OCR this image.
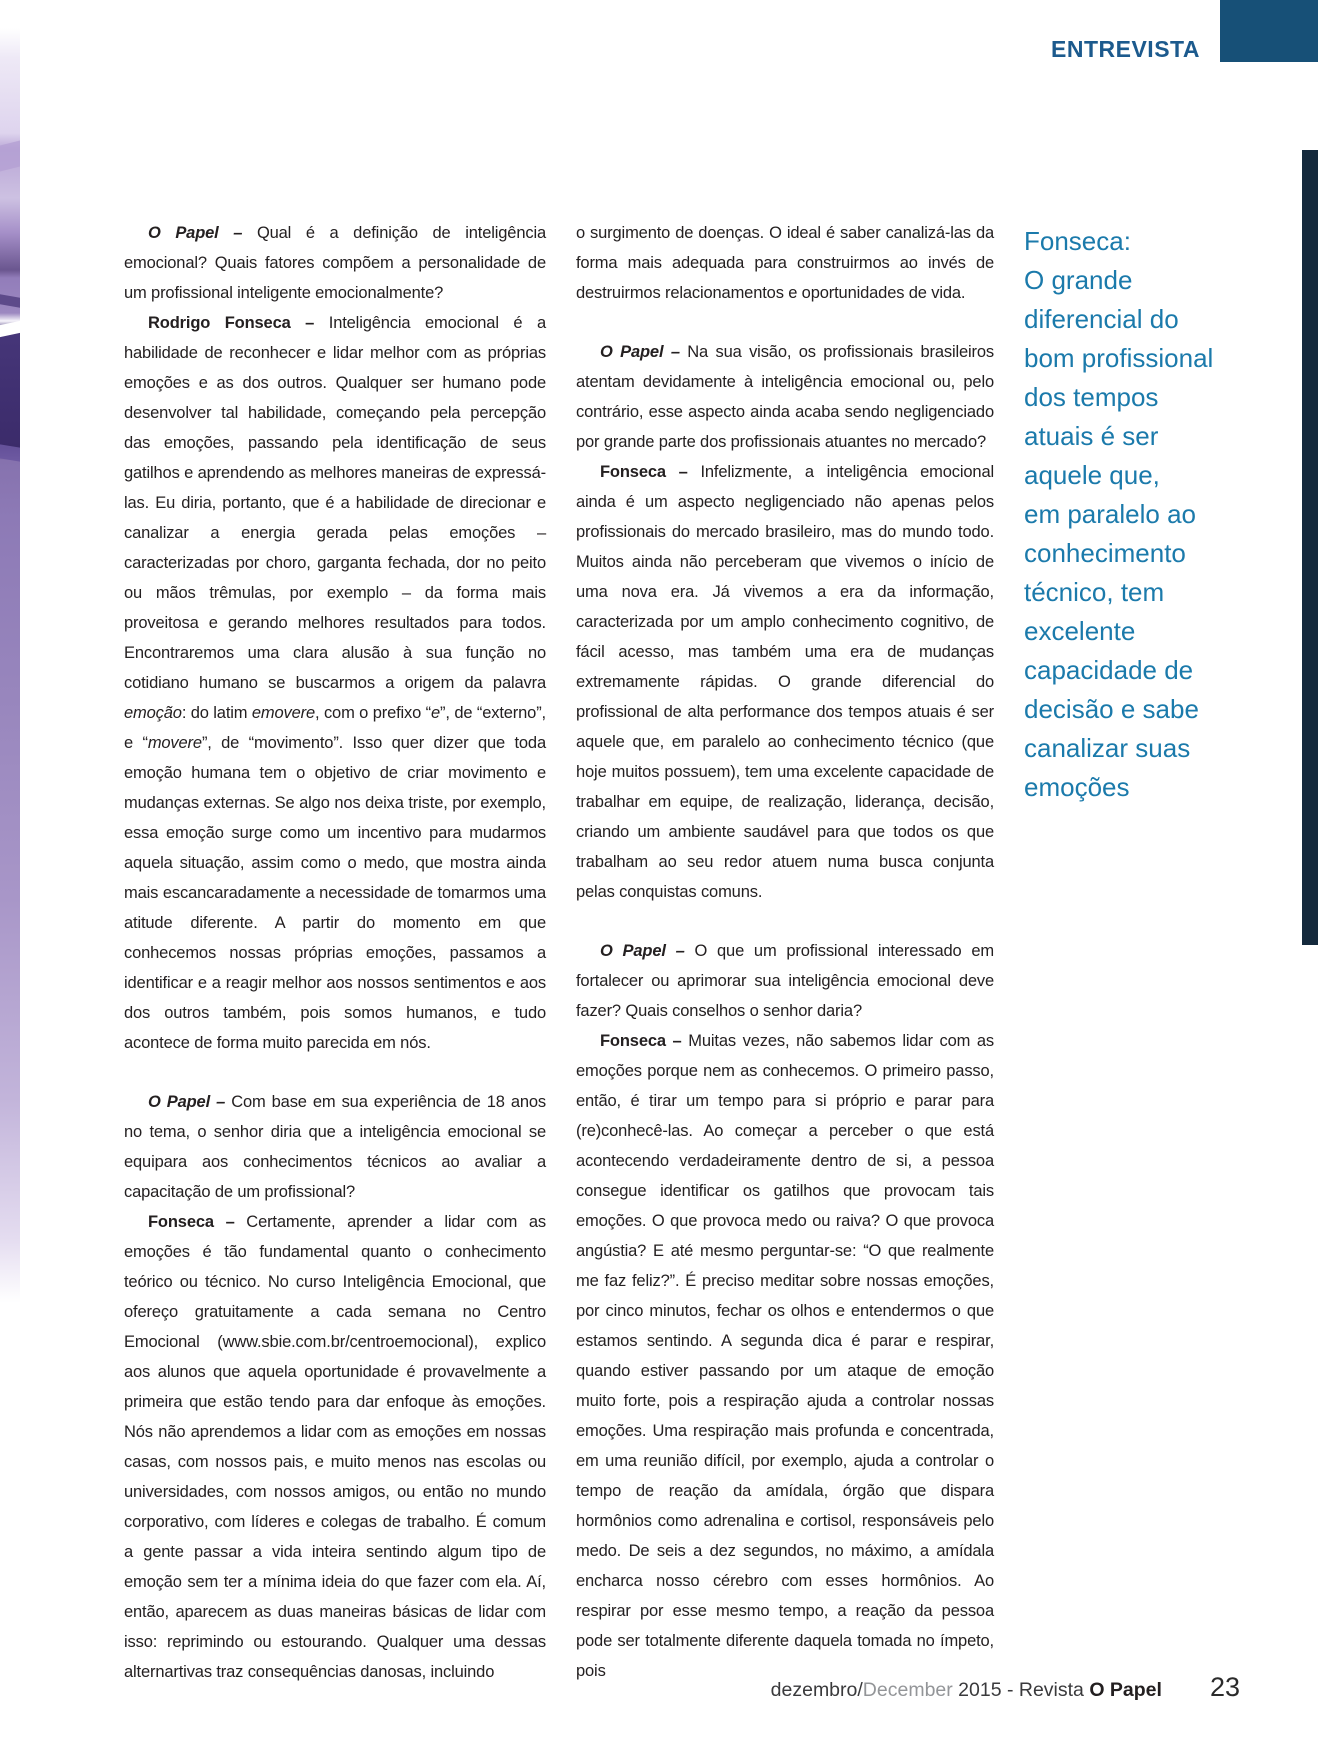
ENTREVISTA

O Papel – Qual é a definição de inteligência emocional? Quais fatores compõem a personalidade de um profissional inteligente emocionalmente?

Rodrigo Fonseca – Inteligência emocional é a habilidade de reconhecer e lidar melhor com as próprias emoções e as dos outros. Qualquer ser humano pode desenvolver tal habilidade, começando pela percepção das emoções, passando pela identificação de seus gatilhos e aprendendo as melhores maneiras de expressá-las. Eu diria, portanto, que é a habilidade de direcionar e canalizar a energia gerada pelas emoções – caracterizadas por choro, garganta fechada, dor no peito ou mãos trêmulas, por exemplo – da forma mais proveitosa e gerando melhores resultados para todos. Encontraremos uma clara alusão à sua função no cotidiano humano se buscarmos a origem da palavra emoção: do latim emovere, com o prefixo “e”, de “externo”, e “movere”, de “movimento”. Isso quer dizer que toda emoção humana tem o objetivo de criar movimento e mudanças externas. Se algo nos deixa triste, por exemplo, essa emoção surge como um incentivo para mudarmos aquela situação, assim como o medo, que mostra ainda mais escancaradamente a necessidade de tomarmos uma atitude diferente. A partir do momento em que conhecemos nossas próprias emoções, passamos a identificar e a reagir melhor aos nossos sentimentos e aos dos outros também, pois somos humanos, e tudo acontece de forma muito parecida em nós.

O Papel – Com base em sua experiência de 18 anos no tema, o senhor diria que a inteligência emocional se equipara aos conhecimentos técnicos ao avaliar a capacitação de um profissional?

Fonseca – Certamente, aprender a lidar com as emoções é tão fundamental quanto o conhecimento teórico ou técnico. No curso Inteligência Emocional, que ofereço gratuitamente a cada semana no Centro Emocional (www.sbie.com.br/centroemocional), explico aos alunos que aquela oportunidade é provavelmente a primeira que estão tendo para dar enfoque às emoções. Nós não aprendemos a lidar com as emoções em nossas casas, com nossos pais, e muito menos nas escolas ou universidades, com nossos amigos, ou então no mundo corporativo, com líderes e colegas de trabalho. É comum a gente passar a vida inteira sentindo algum tipo de emoção sem ter a mínima ideia do que fazer com ela. Aí, então, aparecem as duas maneiras básicas de lidar com isso: reprimindo ou estourando. Qualquer uma dessas alternartivas traz consequências danosas, incluindo

o surgimento de doenças. O ideal é saber canalizá-las da forma mais adequada para construirmos ao invés de destruirmos relacionamentos e oportunidades de vida.

O Papel – Na sua visão, os profissionais brasileiros atentam devidamente à inteligência emocional ou, pelo contrário, esse aspecto ainda acaba sendo negligenciado por grande parte dos profissionais atuantes no mercado?

Fonseca – Infelizmente, a inteligência emocional ainda é um aspecto negligenciado não apenas pelos profissionais do mercado brasileiro, mas do mundo todo. Muitos ainda não perceberam que vivemos o início de uma nova era. Já vivemos a era da informação, caracterizada por um amplo conhecimento cognitivo, de fácil acesso, mas também uma era de mudanças extremamente rápidas. O grande diferencial do profissional de alta performance dos tempos atuais é ser aquele que, em paralelo ao conhecimento técnico (que hoje muitos possuem), tem uma excelente capacidade de trabalhar em equipe, de realização, liderança, decisão, criando um ambiente saudável para que todos os que trabalham ao seu redor atuem numa busca conjunta pelas conquistas comuns.

O Papel – O que um profissional interessado em fortalecer ou aprimorar sua inteligência emocional deve fazer? Quais conselhos o senhor daria?

Fonseca – Muitas vezes, não sabemos lidar com as emoções porque nem as conhecemos. O primeiro passo, então, é tirar um tempo para si próprio e parar para (re)conhecê-las. Ao começar a perceber o que está acontecendo verdadeiramente dentro de si, a pessoa consegue identificar os gatilhos que provocam tais emoções. O que provoca medo ou raiva? O que provoca angústia? E até mesmo perguntar-se: “O que realmente me faz feliz?”. É preciso meditar sobre nossas emoções, por cinco minutos, fechar os olhos e entendermos o que estamos sentindo. A segunda dica é parar e respirar, quando estiver passando por um ataque de emoção muito forte, pois a respiração ajuda a controlar nossas emoções. Uma respiração mais profunda e concentrada, em uma reunião difícil, por exemplo, ajuda a controlar o tempo de reação da amídala, órgão que dispara hormônios como adrenalina e cortisol, responsáveis pelo medo. De seis a dez segundos, no máximo, a amídala encharca nosso cérebro com esses hormônios. Ao respirar por esse mesmo tempo, a reação da pessoa pode ser totalmente diferente daquela tomada no ímpeto, pois

Fonseca:
O grande
diferencial do
bom profissional
dos tempos
atuais é ser
aquele que,
em paralelo ao
conhecimento
técnico, tem
excelente
capacidade de
decisão e sabe
canalizar suas
emoções
dezembro/December 2015 - Revista O Papel 23
